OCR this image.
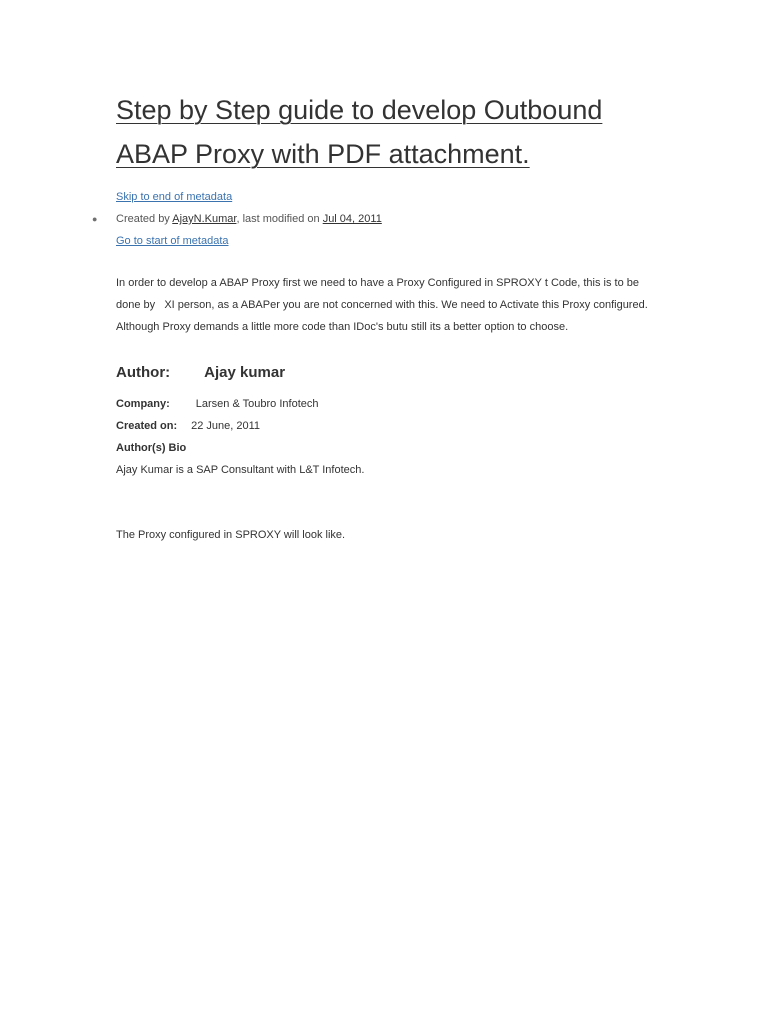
Step by Step guide to develop Outbound
ABAP Proxy with PDF attachment.
Skip to end of metadata
● Created by AjayN.Kumar, last modified on Jul 04, 2011
Go to start of metadata
In order to develop a ABAP Proxy first we need to have a Proxy Configured in SPROXY t Code, this is to be
done by   XI person, as a ABAPer you are not concerned with this. We need to Activate this Proxy configured.
Although Proxy demands a little more code than IDoc's butu still its a better option to choose.
Author: Ajay kumar
Company: Larsen & Toubro Infotech
Created on: 22 June, 2011
Author(s) Bio
Ajay Kumar is a SAP Consultant with L&T Infotech.
The Proxy configured in SPROXY will look like.
